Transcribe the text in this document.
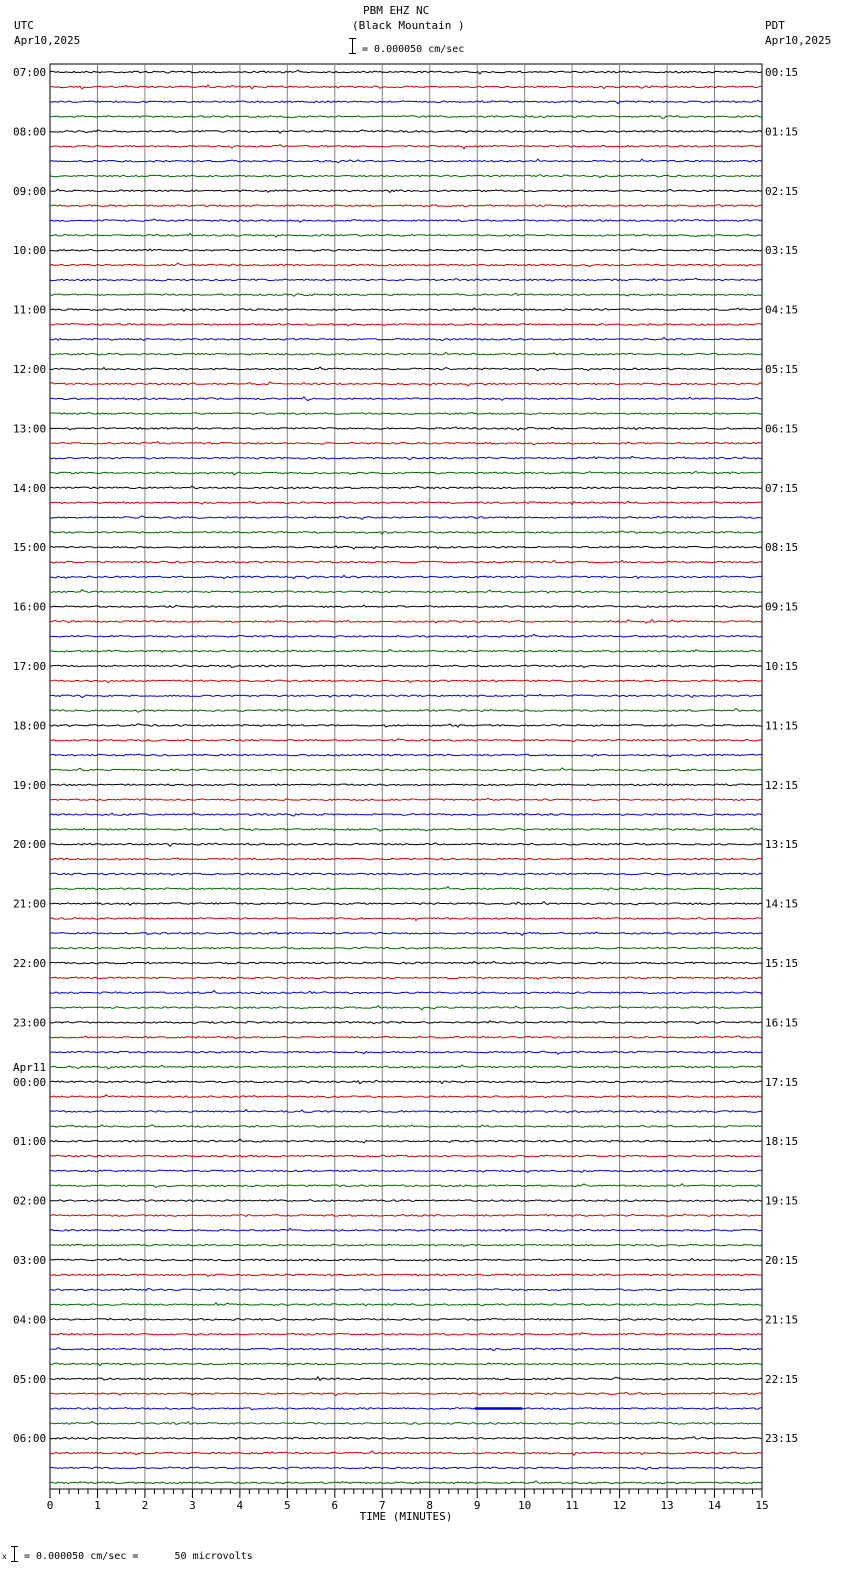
PBM EHZ NC
(Black Mountain )
= 0.000050 cm/sec
UTC
Apr10,2025
PDT
Apr10,2025
07:00
08:00
09:00
10:00
11:00
12:00
13:00
14:00
15:00
16:00
17:00
18:00
19:00
20:00
21:00
22:00
23:00
00:00
Apr11
01:00
02:00
03:00
04:00
05:00
06:00
00:15
01:15
02:15
03:15
04:15
05:15
06:15
07:15
08:15
09:15
10:15
11:15
12:15
13:15
14:15
15:15
16:15
17:15
18:15
19:15
20:15
21:15
22:15
23:15
0	1	2	3	4	5	6	7	8	9	10	11	12	13	14	15
TIME (MINUTES)
x = 0.000050 cm/sec =      50 microvolts
